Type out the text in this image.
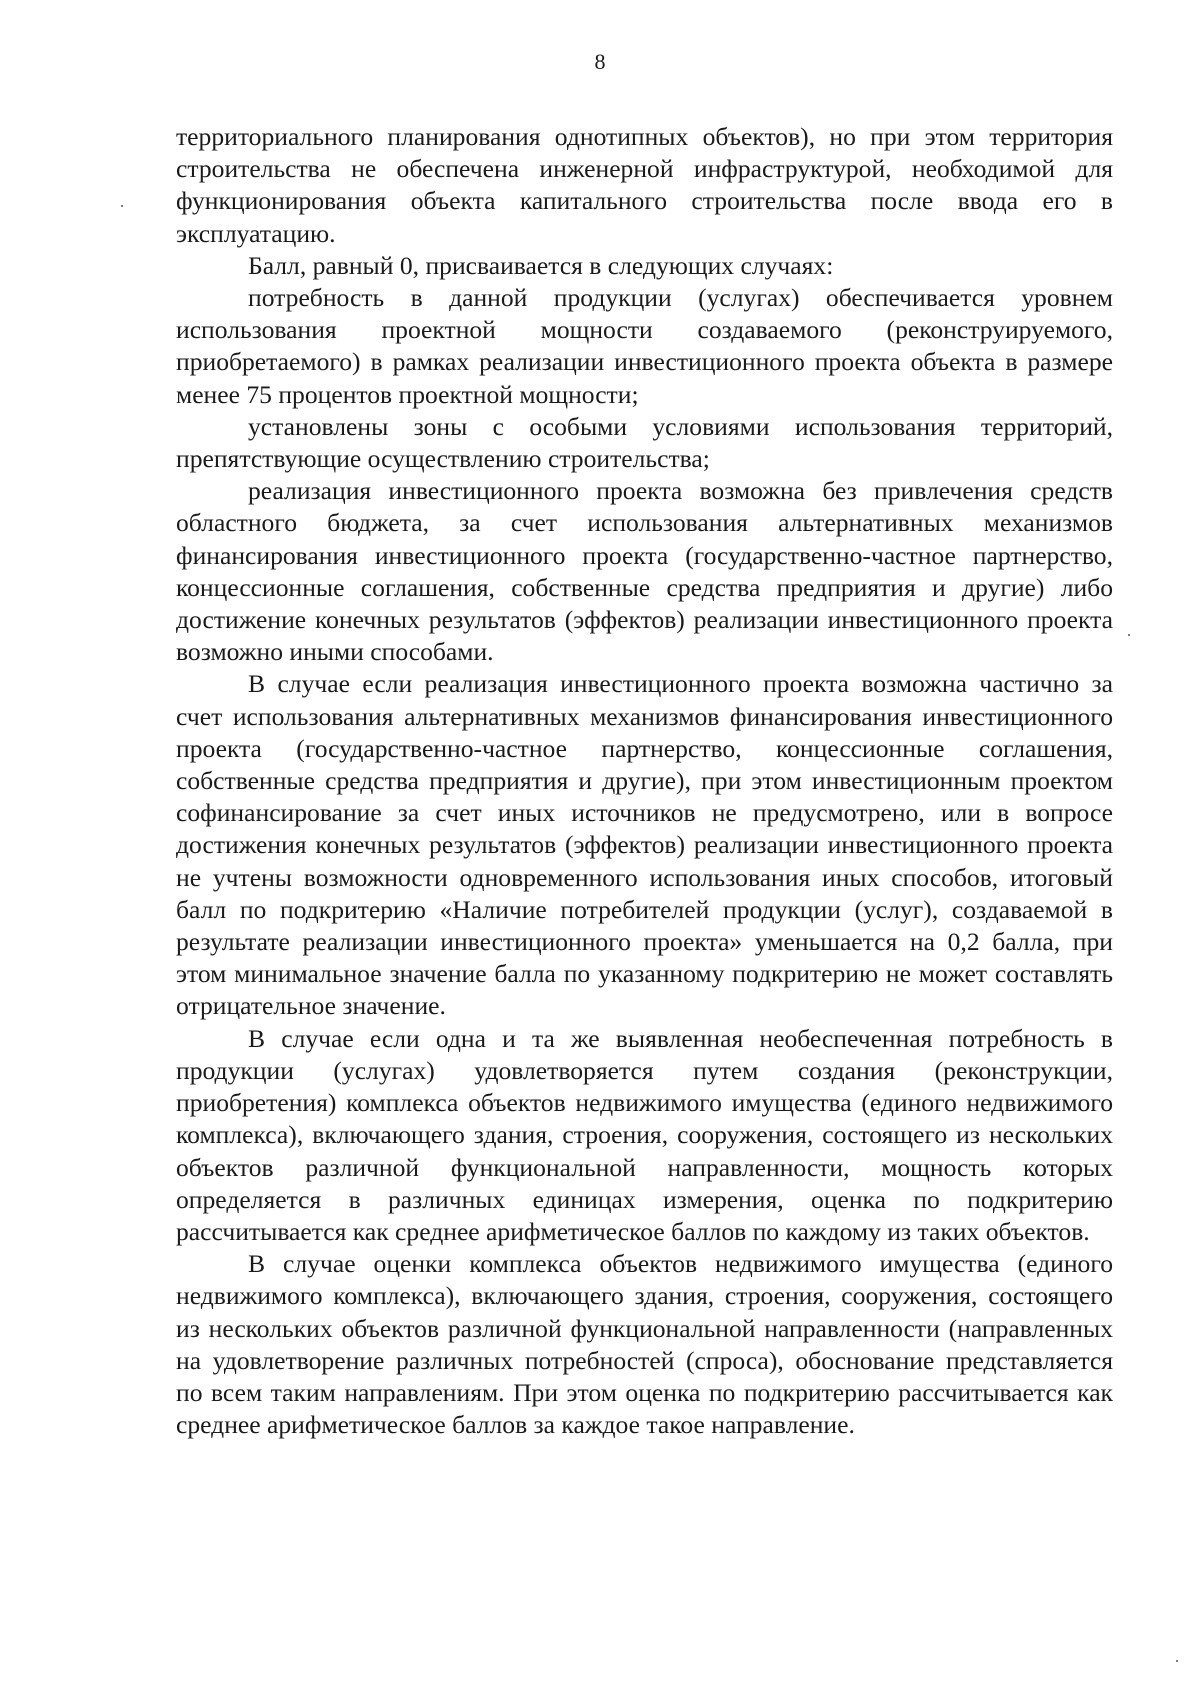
8

территориального планирования однотипных объектов), но при этом территория строительства не обеспечена инженерной инфраструктурой, необходимой для функционирования объекта капитального строительства после ввода его в эксплуатацию.

Балл, равный 0, присваивается в следующих случаях:

потребность в данной продукции (услугах) обеспечивается уровнем использования проектной мощности создаваемого (реконструируемого, приобретаемого) в рамках реализации инвестиционного проекта объекта в размере менее 75 процентов проектной мощности;

установлены зоны с особыми условиями использования территорий, препятствующие осуществлению строительства;

реализация инвестиционного проекта возможна без привлечения средств областного бюджета, за счет использования альтернативных механизмов финансирования инвестиционного проекта (государственно-частное партнерство, концессионные соглашения, собственные средства предприятия и другие) либо достижение конечных результатов (эффектов) реализации инвестиционного проекта возможно иными способами.

В случае если реализация инвестиционного проекта возможна частично за счет использования альтернативных механизмов финансирования инвестиционного проекта (государственно-частное партнерство, концессионные соглашения, собственные средства предприятия и другие), при этом инвестиционным проектом софинансирование за счет иных источников не предусмотрено, или в вопросе достижения конечных результатов (эффектов) реализации инвестиционного проекта не учтены возможности одновременного использования иных способов, итоговый балл по подкритерию «Наличие потребителей продукции (услуг), создаваемой в результате реализации инвестиционного проекта» уменьшается на 0,2 балла, при этом минимальное значение балла по указанному подкритерию не может составлять отрицательное значение.

В случае если одна и та же выявленная необеспеченная потребность в продукции (услугах) удовлетворяется путем создания (реконструкции, приобретения) комплекса объектов недвижимого имущества (единого недвижимого комплекса), включающего здания, строения, сооружения, состоящего из нескольких объектов различной функциональной направленности, мощность которых определяется в различных единицах измерения, оценка по подкритерию рассчитывается как среднее арифметическое баллов по каждому из таких объектов.

В случае оценки комплекса объектов недвижимого имущества (единого недвижимого комплекса), включающего здания, строения, сооружения, состоящего из нескольких объектов различной функциональной направленности (направленных на удовлетворение различных потребностей (спроса), обоснование представляется по всем таким направлениям. При этом оценка по подкритерию рассчитывается как среднее арифметическое баллов за каждое такое направление.
